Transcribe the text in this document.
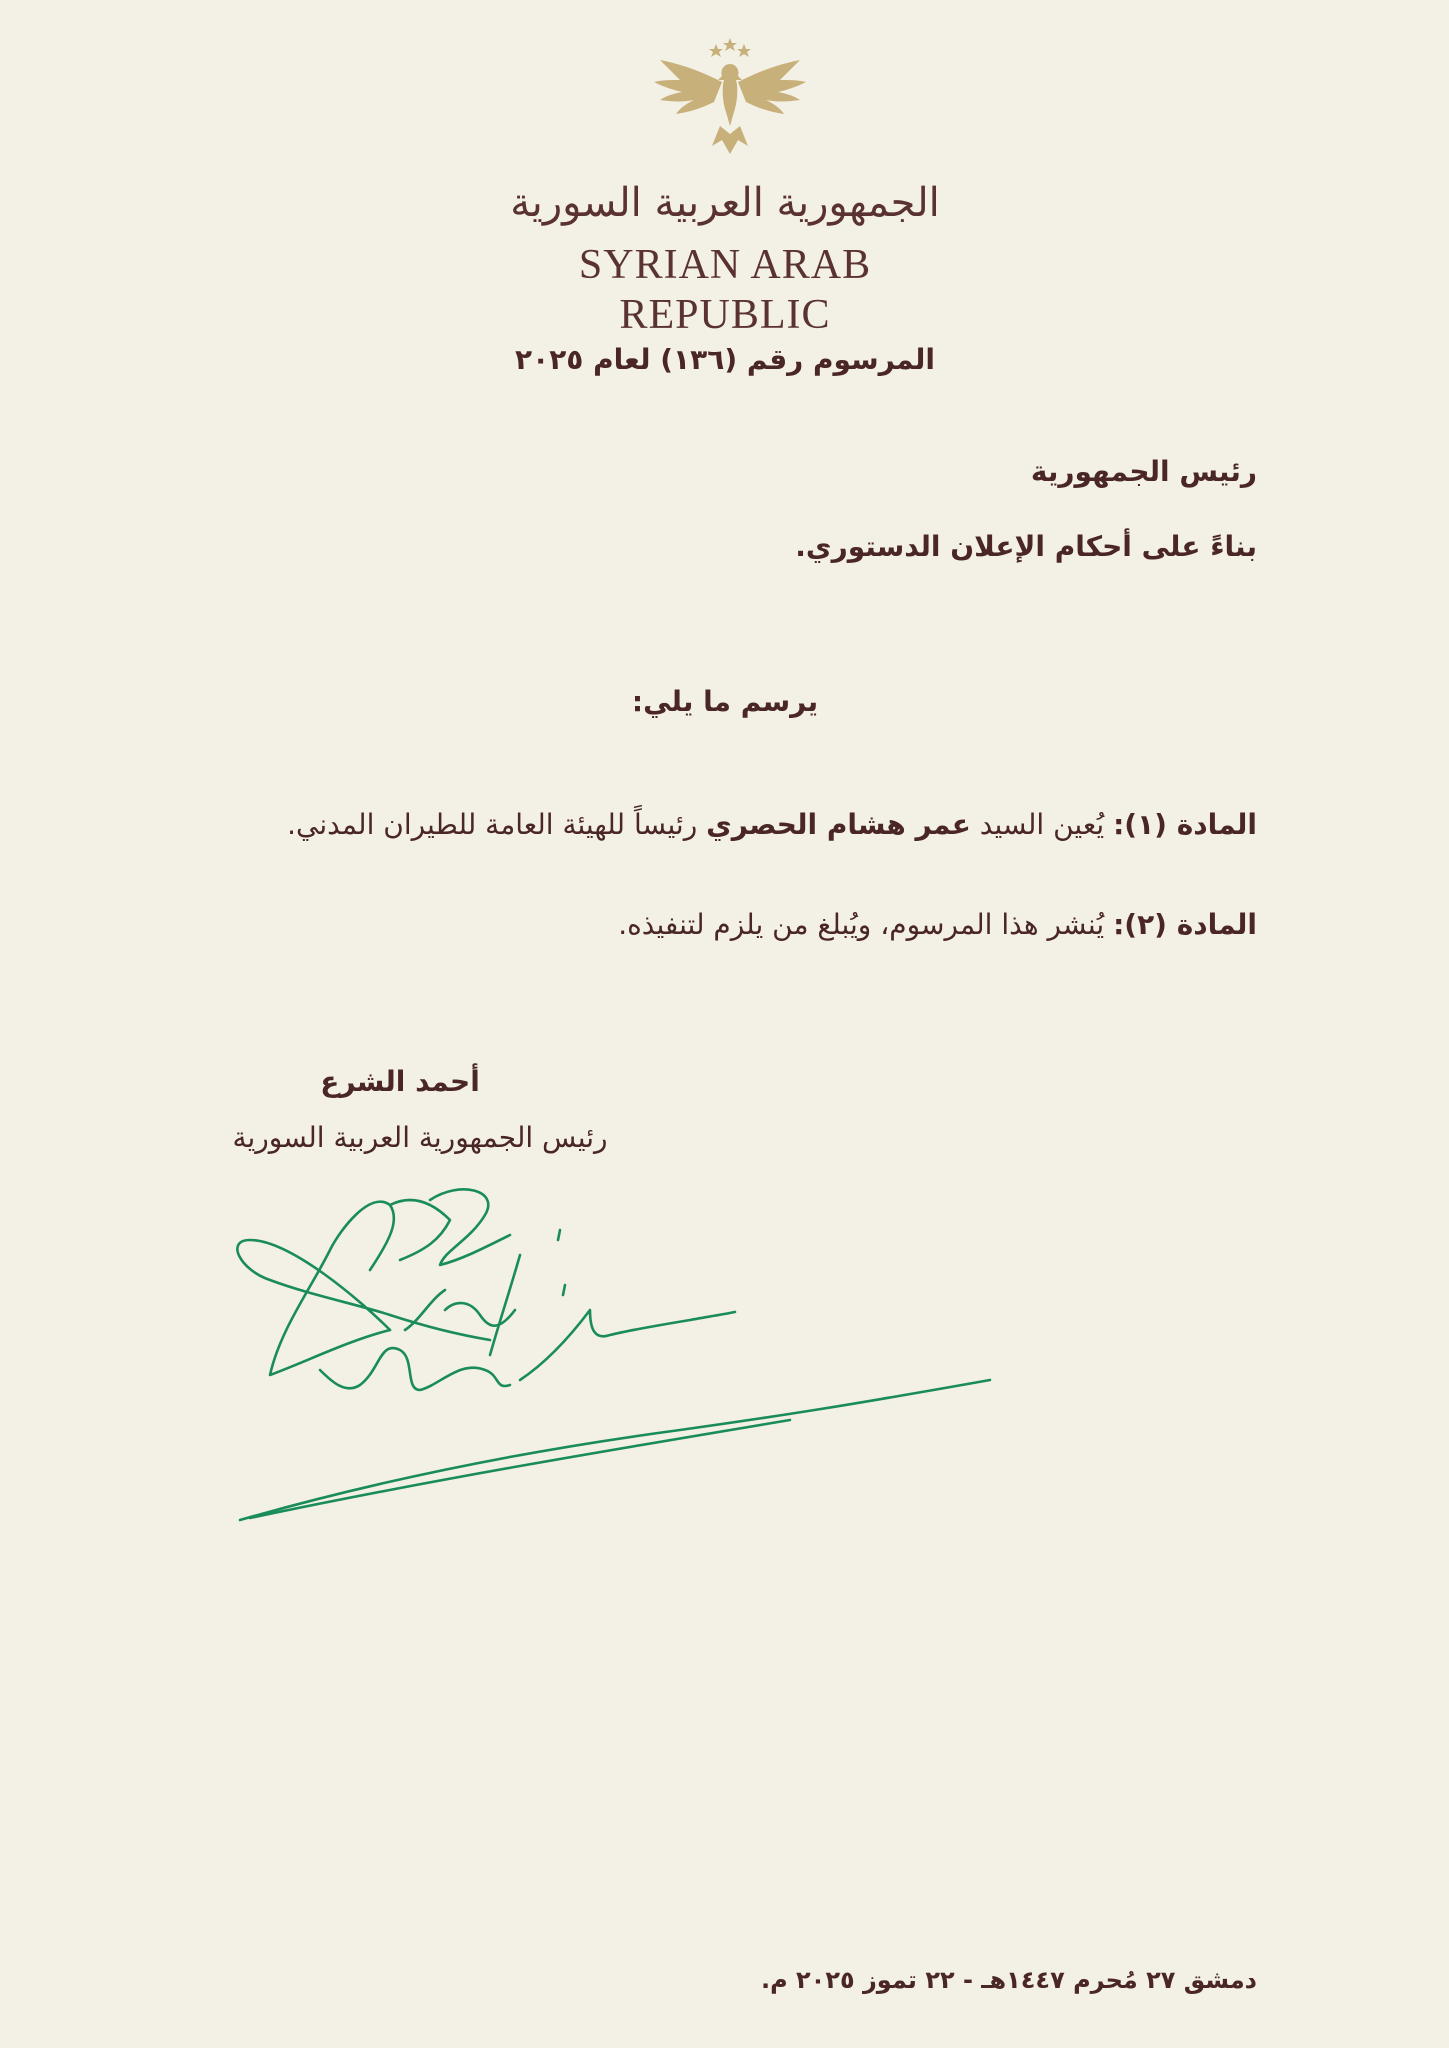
الجمهورية العربية السورية
SYRIAN ARAB REPUBLIC
المرسوم رقم (١٣٦) لعام ٢٠٢٥
رئيس الجمهورية
بناءً على أحكام الإعلان الدستوري.
يرسم ما يلي:
المادة (١): يُعين السيد عمر هشام الحصري رئيساً للهيئة العامة للطيران المدني.
المادة (٢): يُنشر هذا المرسوم، ويُبلغ من يلزم لتنفيذه.
أحمد الشرع
رئيس الجمهورية العربية السورية
دمشق ٢٧ مُحرم ١٤٤٧هـ - ٢٢ تموز ٢٠٢٥ م.
